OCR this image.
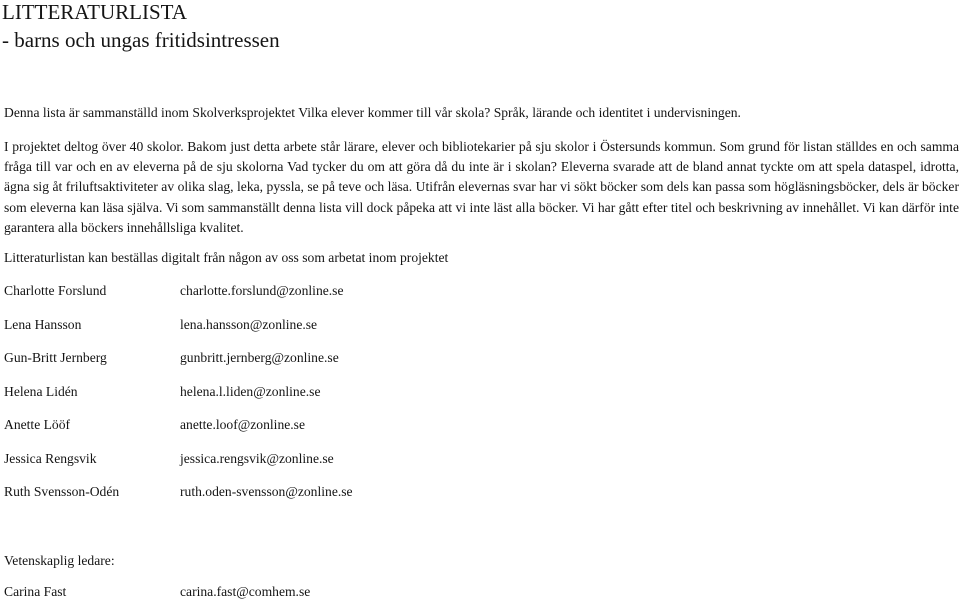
LITTERATURLISTA
- barns och ungas fritidsintressen
Denna lista är sammanställd inom Skolverksprojektet Vilka elever kommer till vår skola? Språk, lärande och identitet i undervisningen.
I projektet deltog över 40 skolor. Bakom just detta arbete står lärare, elever och bibliotekarier på sju skolor i Östersunds kommun. Som grund för listan ställdes en och samma fråga till var och en av eleverna på de sju skolorna Vad tycker du om att göra då du inte är i skolan? Eleverna svarade att de bland annat tyckte om att spela dataspel, idrotta, ägna sig åt friluftsaktiviteter av olika slag, leka, pyssla, se på teve och läsa. Utifrån elevernas svar har vi sökt böcker som dels kan passa som högläsningsböcker, dels är böcker som eleverna kan läsa själva. Vi som sammanställt denna lista vill dock påpeka att vi inte läst alla böcker. Vi har gått efter titel och beskrivning av innehållet. Vi kan därför inte garantera alla böckers innehållsliga kvalitet.
Litteraturlistan kan beställas digitalt från någon av oss som arbetat inom projektet
Charlotte Forslund	charlotte.forslund@zonline.se
Lena Hansson	lena.hansson@zonline.se
Gun-Britt Jernberg	gunbritt.jernberg@zonline.se
Helena Lidén	helena.l.liden@zonline.se
Anette Lööf	anette.loof@zonline.se
Jessica Rengsvik	jessica.rengsvik@zonline.se
Ruth Svensson-Odén	ruth.oden-svensson@zonline.se
Vetenskaplig ledare:
Carina Fast	carina.fast@comhem.se
